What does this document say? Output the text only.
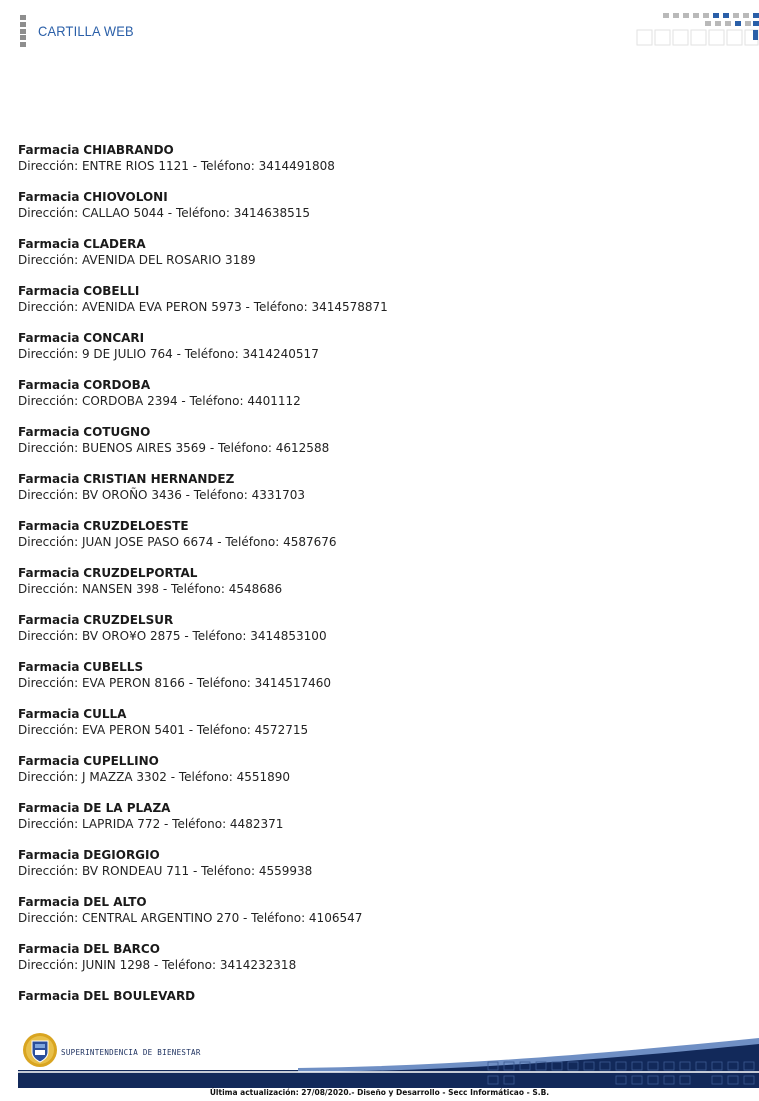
CARTILLA WEB
Farmacia CHIABRANDO
Dirección: ENTRE RIOS 1121 - Teléfono: 3414491808
Farmacia CHIOVOLONI
Dirección: CALLAO 5044 - Teléfono: 3414638515
Farmacia CLADERA
Dirección: AVENIDA DEL ROSARIO 3189
Farmacia COBELLI
Dirección: AVENIDA EVA PERON 5973 - Teléfono: 3414578871
Farmacia CONCARI
Dirección: 9 DE JULIO 764 - Teléfono: 3414240517
Farmacia CORDOBA
Dirección: CORDOBA 2394 - Teléfono: 4401112
Farmacia COTUGNO
Dirección: BUENOS AIRES 3569 - Teléfono: 4612588
Farmacia CRISTIAN HERNANDEZ
Dirección: BV OROÑO 3436 - Teléfono: 4331703
Farmacia CRUZDELOESTE
Dirección: JUAN JOSE PASO 6674 - Teléfono: 4587676
Farmacia CRUZDELPORTAL
Dirección: NANSEN 398 - Teléfono: 4548686
Farmacia CRUZDELSUR
Dirección: BV ORO¥O 2875 - Teléfono: 3414853100
Farmacia CUBELLS
Dirección: EVA PERON 8166 - Teléfono: 3414517460
Farmacia CULLA
Dirección: EVA PERON 5401 - Teléfono: 4572715
Farmacia CUPELLINO
Dirección: J MAZZA 3302 - Teléfono: 4551890
Farmacia DE LA PLAZA
Dirección: LAPRIDA 772 - Teléfono: 4482371
Farmacia DEGIORGIO
Dirección: BV RONDEAU 711 - Teléfono: 4559938
Farmacia DEL ALTO
Dirección: CENTRAL ARGENTINO 270 - Teléfono: 4106547
Farmacia DEL BARCO
Dirección: JUNIN 1298 - Teléfono: 3414232318
Farmacia DEL BOULEVARD
SUPERINTENDENCIA DE BIENESTAR
Última actualización: 27/08/2020.- Diseño y Desarrollo - Secc Informáticao - S.B.
